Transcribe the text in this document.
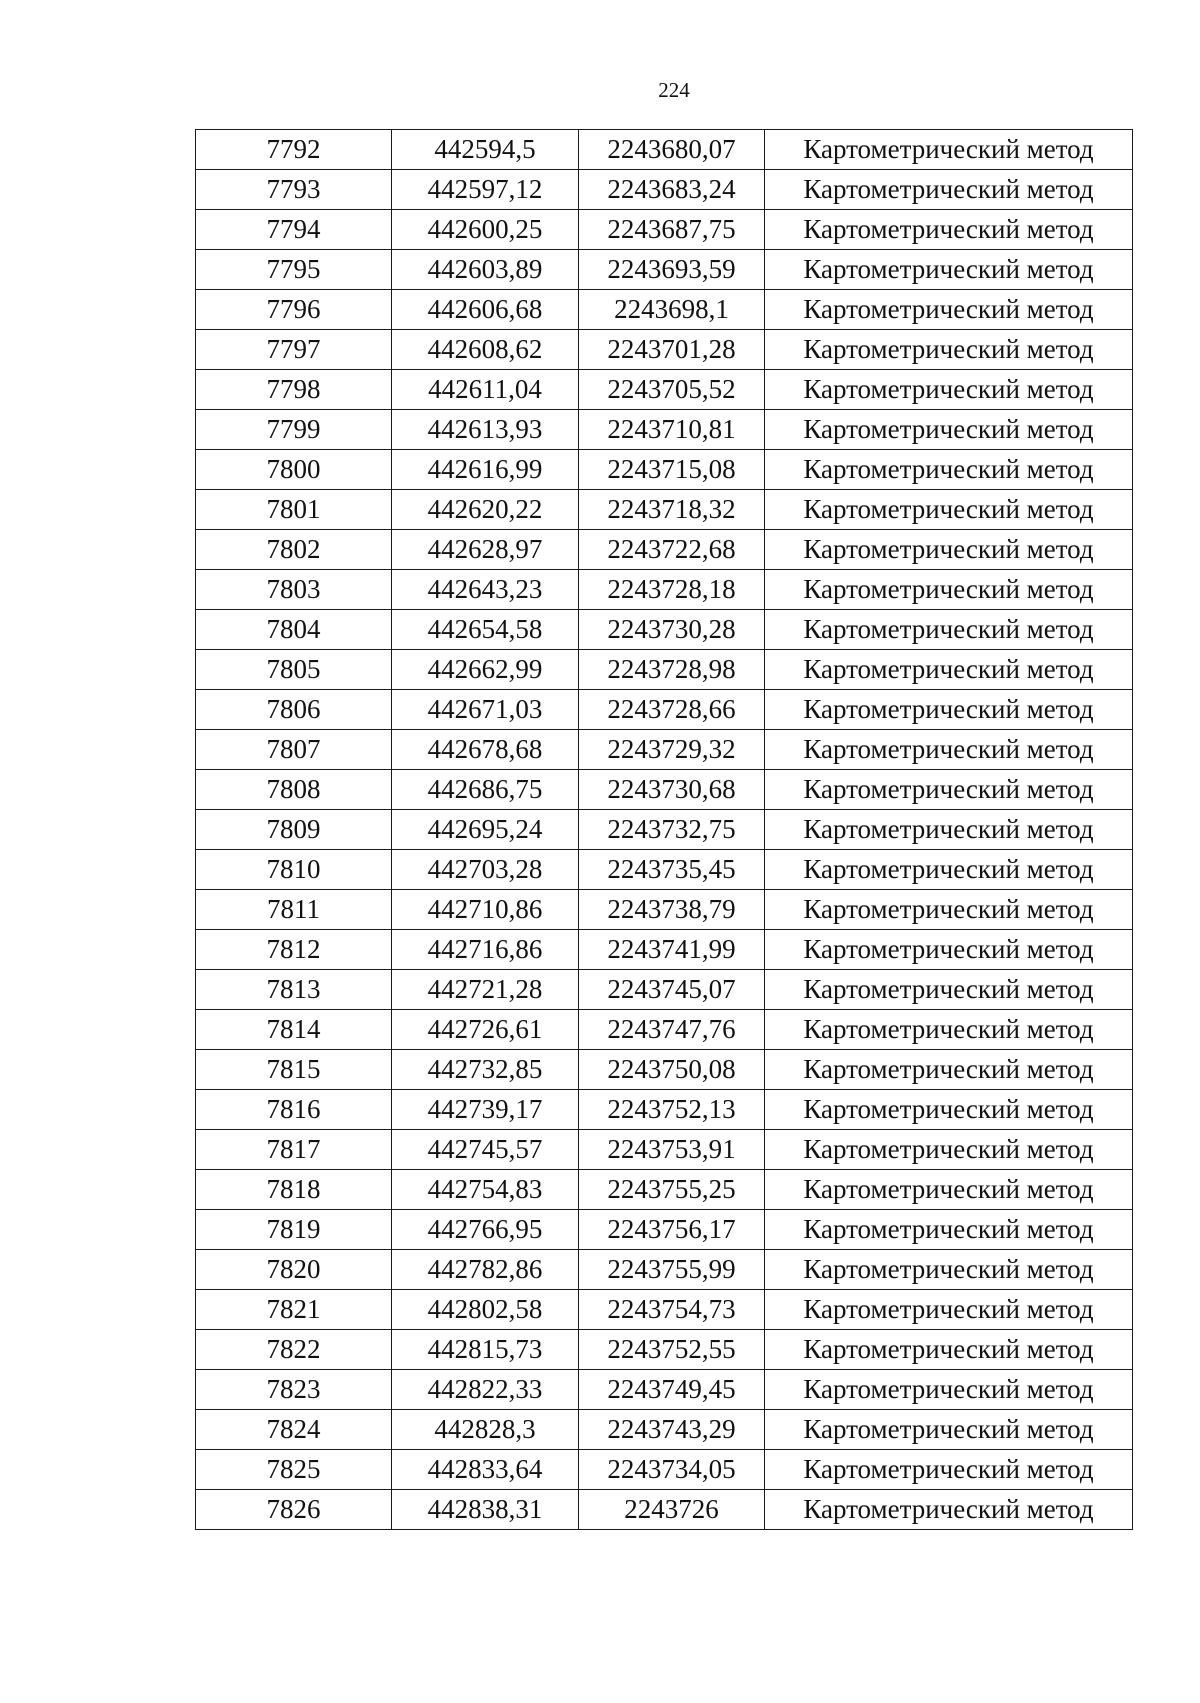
224
7792	442594,5	2243680,07	Картометрический метод
7793	442597,12	2243683,24	Картометрический метод
7794	442600,25	2243687,75	Картометрический метод
7795	442603,89	2243693,59	Картометрический метод
7796	442606,68	2243698,1	Картометрический метод
7797	442608,62	2243701,28	Картометрический метод
7798	442611,04	2243705,52	Картометрический метод
7799	442613,93	2243710,81	Картометрический метод
7800	442616,99	2243715,08	Картометрический метод
7801	442620,22	2243718,32	Картометрический метод
7802	442628,97	2243722,68	Картометрический метод
7803	442643,23	2243728,18	Картометрический метод
7804	442654,58	2243730,28	Картометрический метод
7805	442662,99	2243728,98	Картометрический метод
7806	442671,03	2243728,66	Картометрический метод
7807	442678,68	2243729,32	Картометрический метод
7808	442686,75	2243730,68	Картометрический метод
7809	442695,24	2243732,75	Картометрический метод
7810	442703,28	2243735,45	Картометрический метод
7811	442710,86	2243738,79	Картометрический метод
7812	442716,86	2243741,99	Картометрический метод
7813	442721,28	2243745,07	Картометрический метод
7814	442726,61	2243747,76	Картометрический метод
7815	442732,85	2243750,08	Картометрический метод
7816	442739,17	2243752,13	Картометрический метод
7817	442745,57	2243753,91	Картометрический метод
7818	442754,83	2243755,25	Картометрический метод
7819	442766,95	2243756,17	Картометрический метод
7820	442782,86	2243755,99	Картометрический метод
7821	442802,58	2243754,73	Картометрический метод
7822	442815,73	2243752,55	Картометрический метод
7823	442822,33	2243749,45	Картометрический метод
7824	442828,3	2243743,29	Картометрический метод
7825	442833,64	2243734,05	Картометрический метод
7826	442838,31	2243726	Картометрический метод
